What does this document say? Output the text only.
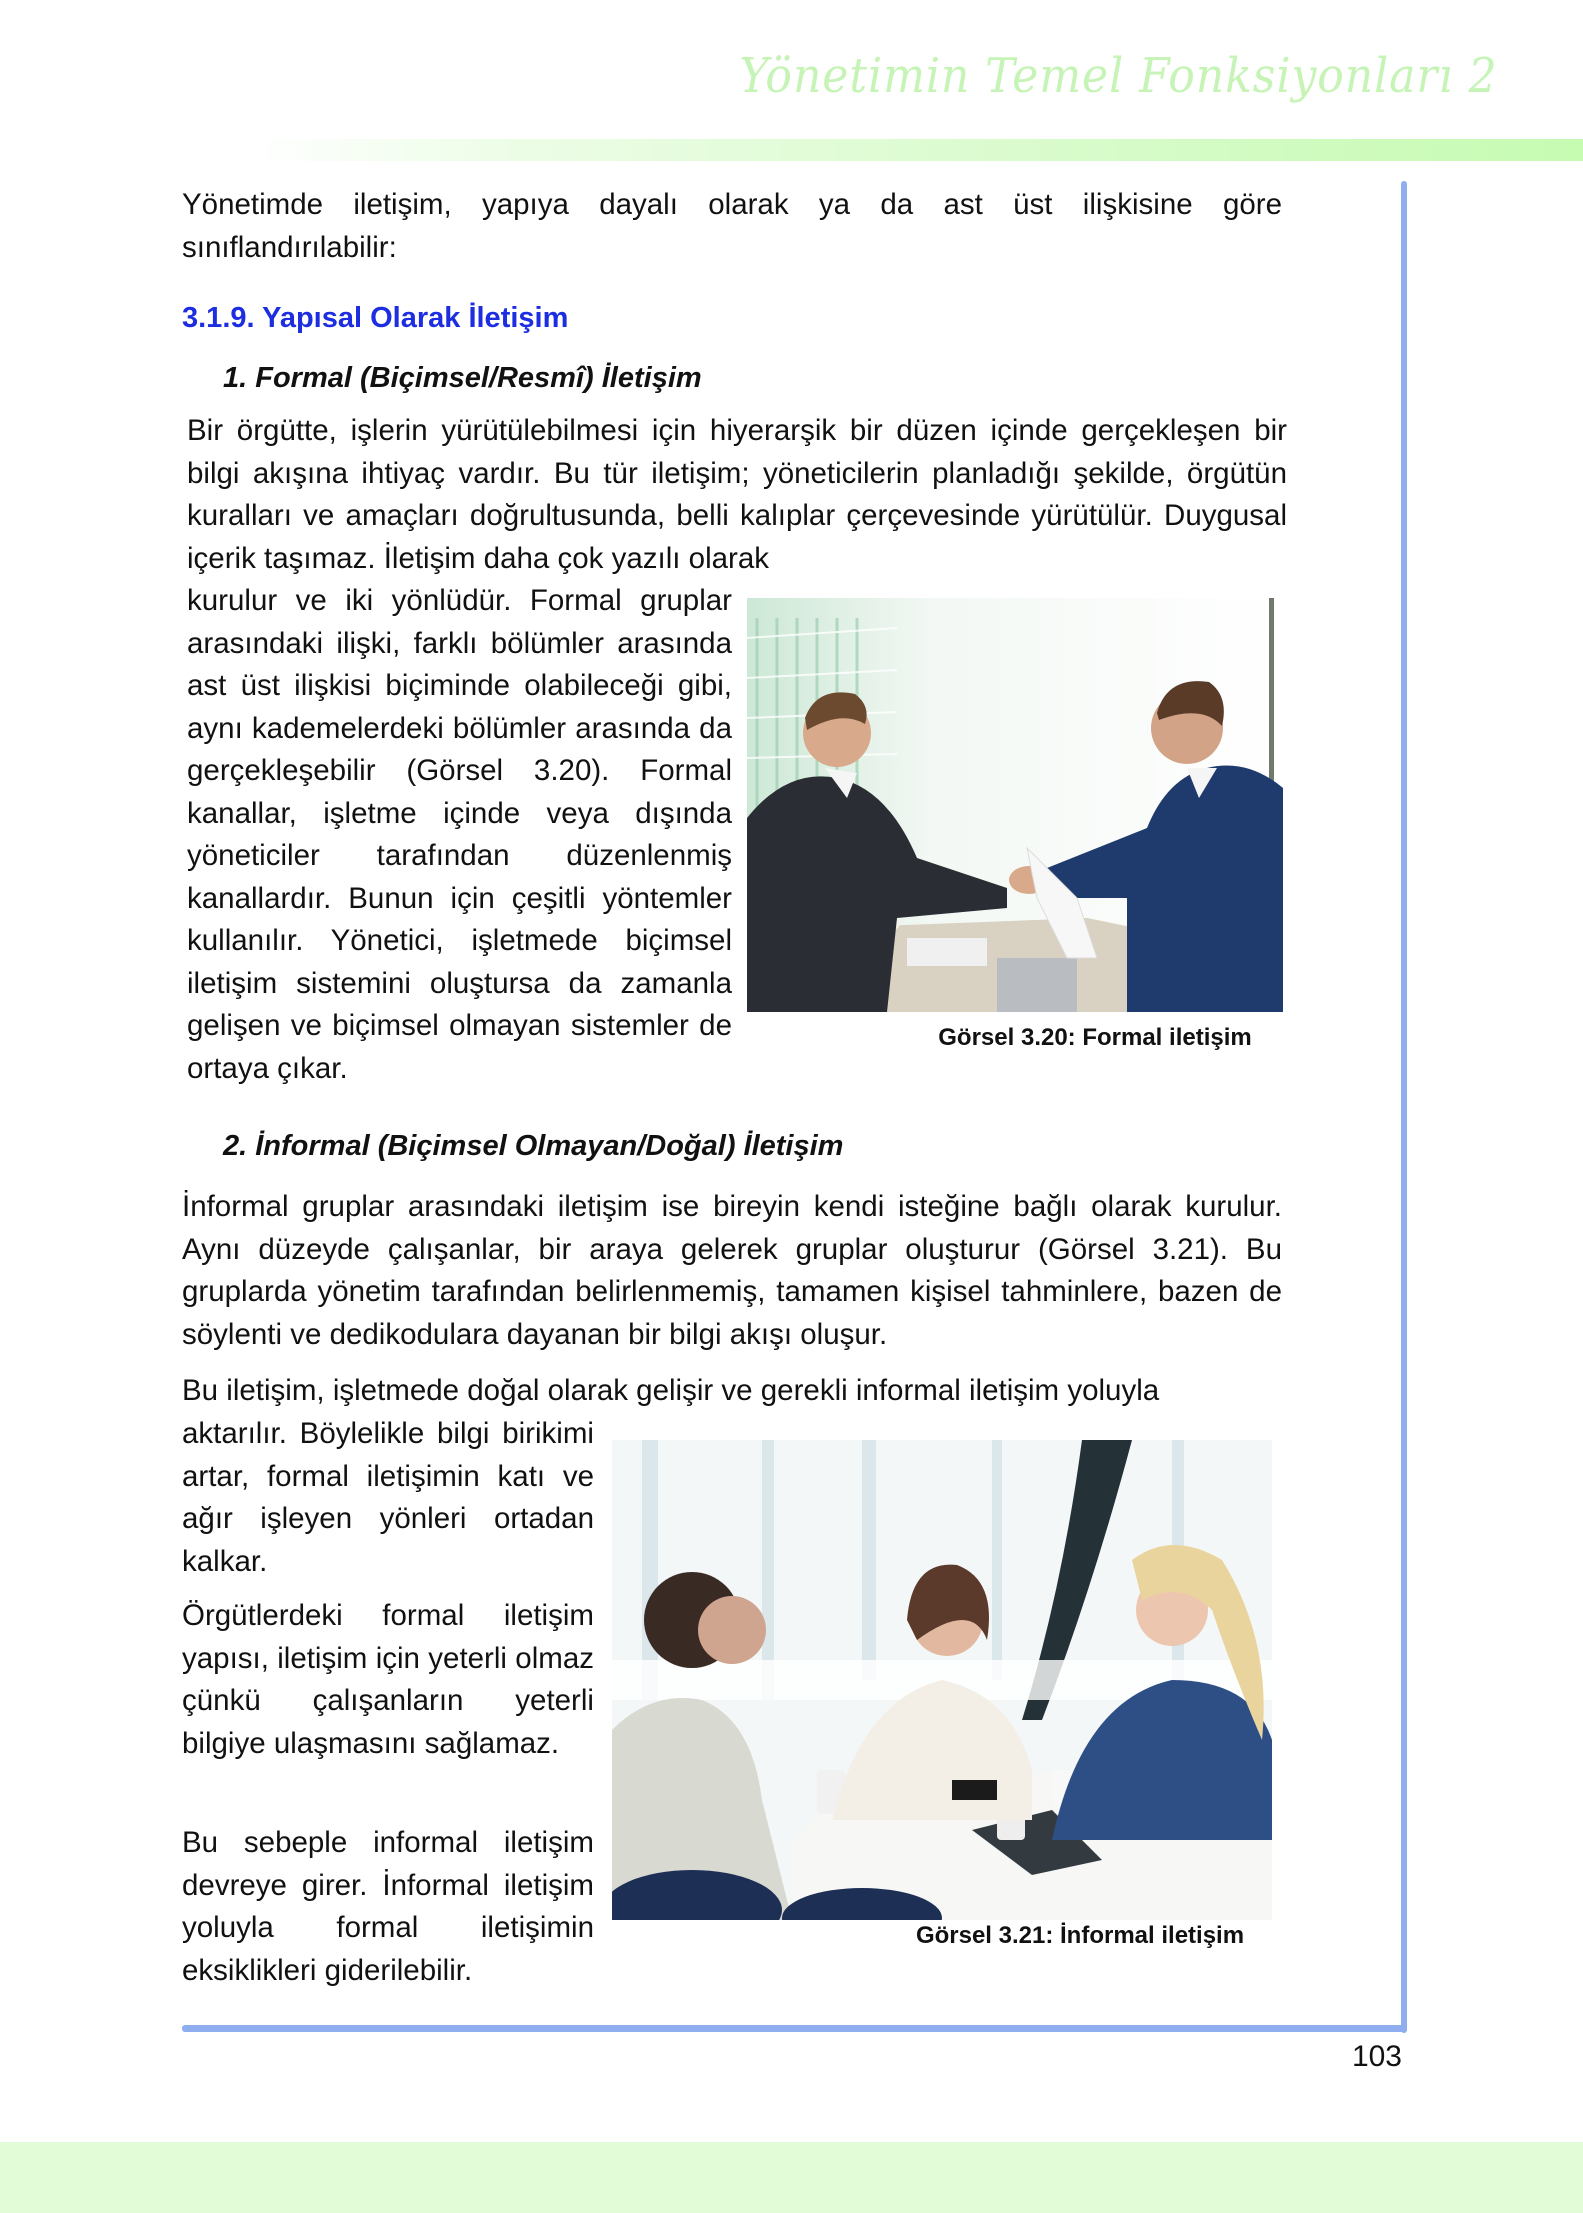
Yönetimin Temel Fonksiyonları 2
Yönetimde iletişim, yapıya dayalı olarak ya da ast üst ilişkisine göre sınıflandırılabilir:
3.1.9. Yapısal Olarak İletişim
1. Formal (Biçimsel/Resmî) İletişim
Bir örgütte, işlerin yürütülebilmesi için hiyerarşik bir düzen içinde gerçekleşen bir bilgi akışına ihtiyaç vardır. Bu tür iletişim; yöneticilerin planladığı şekilde, örgütün kuralları ve amaçları doğrultusunda, belli kalıplar çerçevesinde yürütülür. Duygusal içerik taşımaz. İletişim daha çok yazılı olarak
kurulur ve iki yönlüdür. Formal gruplar arasındaki ilişki, farklı bölümler arasında ast üst ilişkisi biçiminde olabileceği gibi, aynı kademelerdeki bölümler arasında da gerçekleşebilir (Görsel 3.20). Formal kanallar, işletme içinde veya dışında yöneticiler tarafından düzenlenmiş kanallardır. Bunun için çeşitli yöntemler kullanılır. Yönetici, işletmede biçimsel iletişim sistemini oluştursa da zamanla gelişen ve biçimsel olmayan sistemler de ortaya çıkar.
Görsel 3.20: Formal iletişim
2. İnformal (Biçimsel Olmayan/Doğal) İletişim
İnformal gruplar arasındaki iletişim ise bireyin kendi isteğine bağlı olarak kurulur. Aynı düzeyde çalışanlar, bir araya gelerek gruplar oluşturur (Görsel 3.21). Bu gruplarda yönetim tarafından belirlenmemiş, tamamen kişisel tahminlere, bazen de söylenti ve dedikodulara dayanan bir bilgi akışı oluşur.
Bu iletişim, işletmede doğal olarak gelişir ve gerekli informal iletişim yoluyla
aktarılır. Böylelikle bilgi birikimi artar, formal iletişimin katı ve ağır işleyen yönleri ortadan kalkar.
Örgütlerdeki formal iletişim yapısı, iletişim için yeterli olmaz çünkü çalışanların yeterli bilgiye ulaşmasını sağlamaz.
Bu sebeple informal iletişim devreye girer. İnformal iletişim yoluyla formal iletişimin eksiklikleri giderilebilir.
Görsel 3.21: İnformal iletişim
103
